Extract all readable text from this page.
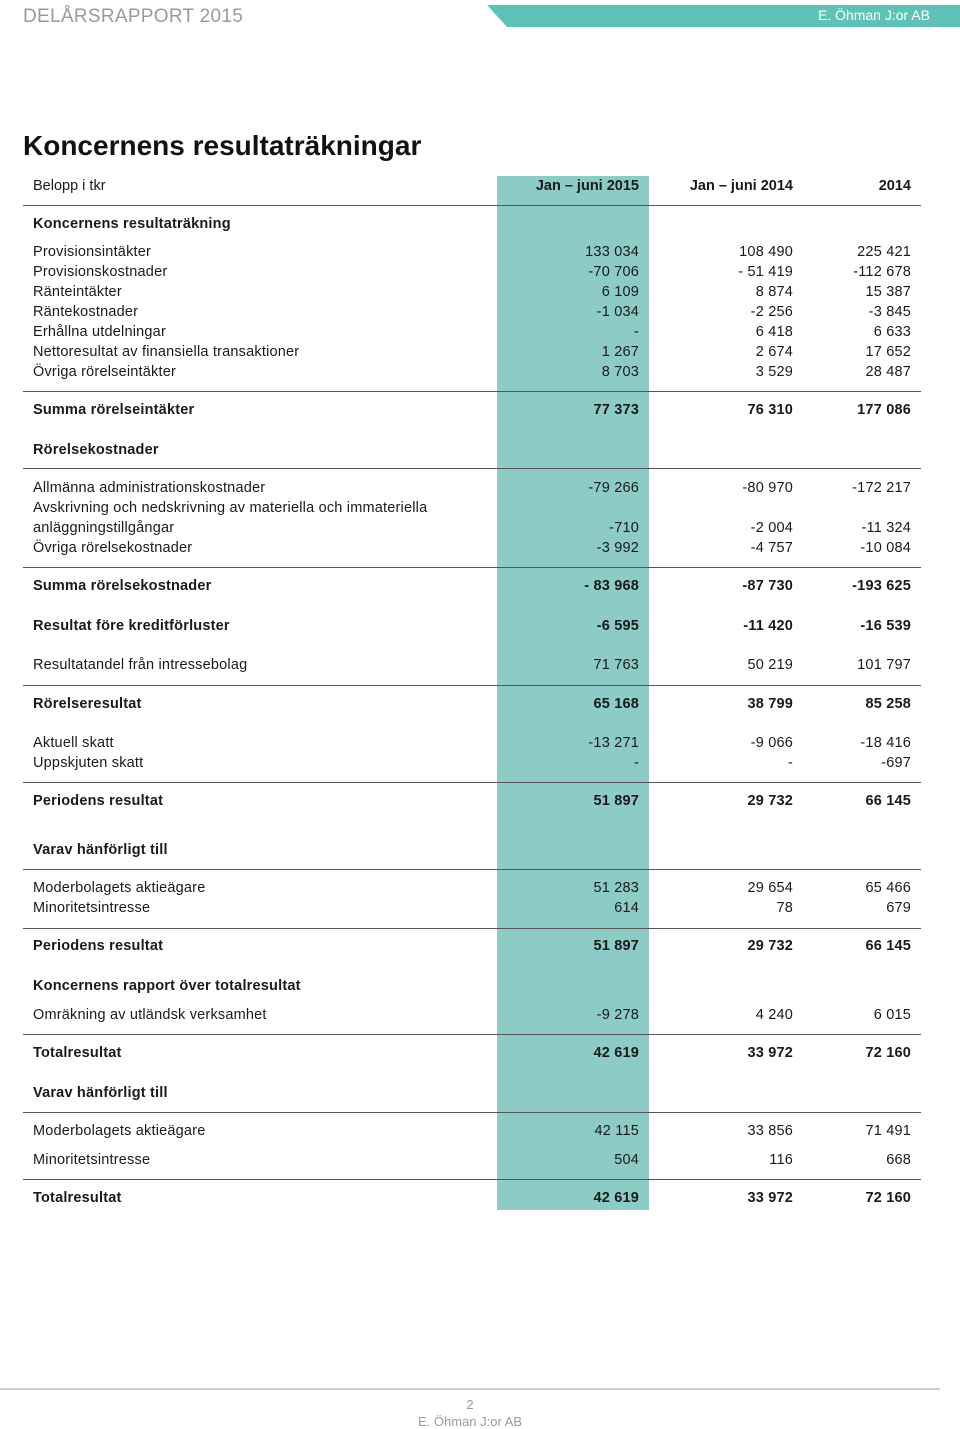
DELÅRSRAPPORT 2015	E. Öhman J:or AB
Koncernens resultaträkningar
Belopp i tkr	Jan – juni 2015	Jan – juni 2014	2014
Koncernens resultaträkning
Provisionsintäkter	133 034	108 490	225 421
Provisionskostnader	-70 706	- 51 419	-112 678
Ränteintäkter	6 109	8 874	15 387
Räntekostnader	-1 034	-2 256	-3 845
Erhållna utdelningar	-	6 418	6 633
Nettoresultat av finansiella transaktioner	1 267	2 674	17 652
Övriga rörelseintäkter	8 703	3 529	28 487
Summa rörelseintäkter	77 373	76 310	177 086
Rörelsekostnader
Allmänna administrationskostnader	-79 266	-80 970	-172 217
Avskrivning och nedskrivning av materiella och immateriella
anläggningstillgångar	-710	-2 004	-11 324
Övriga rörelsekostnader	-3 992	-4 757	-10 084
Summa rörelsekostnader	- 83 968	-87 730	-193 625
Resultat före kreditförluster	-6 595	-11 420	-16 539
Resultatandel från intressebolag	71 763	50 219	101 797
Rörelseresultat	65 168	38 799	85 258
Aktuell skatt	-13 271	-9 066	-18 416
Uppskjuten skatt	-	-	-697
Periodens resultat	51 897	29 732	66 145
Varav hänförligt till
Moderbolagets aktieägare	51 283	29 654	65 466
Minoritetsintresse	614	78	679
Periodens resultat	51 897	29 732	66 145
Koncernens rapport över totalresultat
Omräkning av utländsk verksamhet	-9 278	4 240	6 015
Totalresultat	42 619	33 972	72 160
Varav hänförligt till
Moderbolagets aktieägare	42 115	33 856	71 491
Minoritetsintresse	504	116	668
Totalresultat	42 619	33 972	72 160
2
E. Öhman J:or AB
